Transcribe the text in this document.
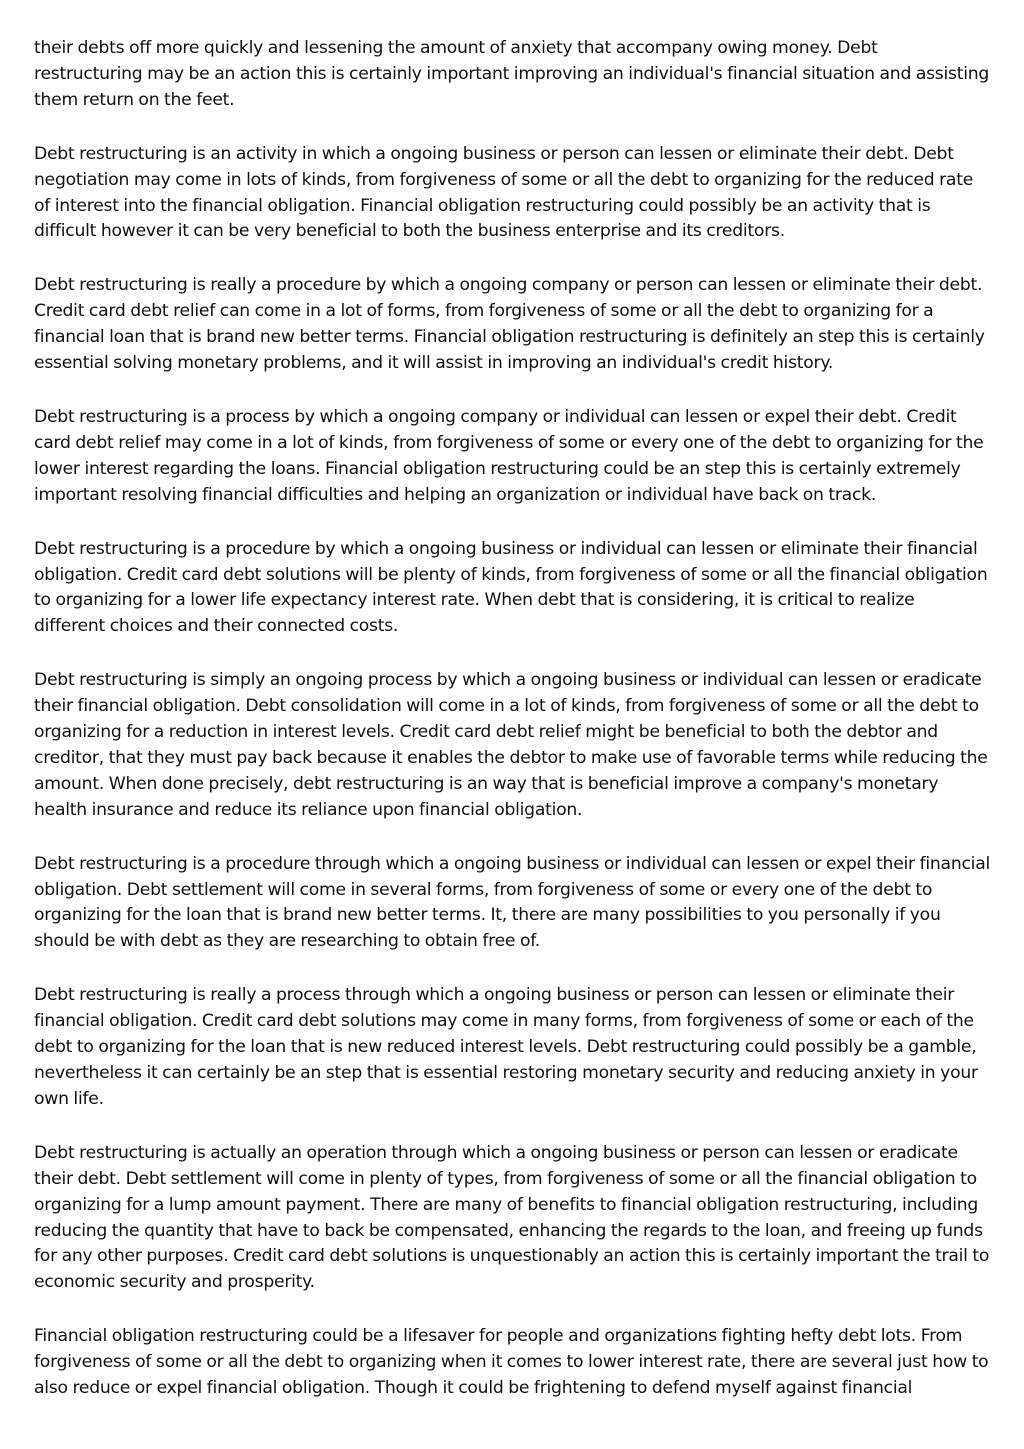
their debts off more quickly and lessening the amount of anxiety that accompany owing money. Debt restructuring may be an action this is certainly important improving an individual's financial situation and assisting them return on the feet.

Debt restructuring is an activity in which a ongoing business or person can lessen or eliminate their debt. Debt negotiation may come in lots of kinds, from forgiveness of some or all the debt to organizing for the reduced rate of interest into the financial obligation. Financial obligation restructuring could possibly be an activity that is difficult however it can be very beneficial to both the business enterprise and its creditors.

Debt restructuring is really a procedure by which a ongoing company or person can lessen or eliminate their debt. Credit card debt relief can come in a lot of forms, from forgiveness of some or all the debt to organizing for a financial loan that is brand new better terms. Financial obligation restructuring is definitely an step this is certainly essential solving monetary problems, and it will assist in improving an individual's credit history.

Debt restructuring is a process by which a ongoing company or individual can lessen or expel their debt. Credit card debt relief may come in a lot of kinds, from forgiveness of some or every one of the debt to organizing for the lower interest regarding the loans. Financial obligation restructuring could be an step this is certainly extremely important resolving financial difficulties and helping an organization or individual have back on track.

Debt restructuring is a procedure by which a ongoing business or individual can lessen or eliminate their financial obligation. Credit card debt solutions will be plenty of kinds, from forgiveness of some or all the financial obligation to organizing for a lower life expectancy interest rate. When debt that is considering, it is critical to realize different choices and their connected costs.

Debt restructuring is simply an ongoing process by which a ongoing business or individual can lessen or eradicate their financial obligation. Debt consolidation will come in a lot of kinds, from forgiveness of some or all the debt to organizing for a reduction in interest levels. Credit card debt relief might be beneficial to both the debtor and creditor, that they must pay back because it enables the debtor to make use of favorable terms while reducing the amount. When done precisely, debt restructuring is an way that is beneficial improve a company's monetary health insurance and reduce its reliance upon financial obligation.

Debt restructuring is a procedure through which a ongoing business or individual can lessen or expel their financial obligation. Debt settlement will come in several forms, from forgiveness of some or every one of the debt to organizing for the loan that is brand new better terms. It, there are many possibilities to you personally if you should be with debt as they are researching to obtain free of.

Debt restructuring is really a process through which a ongoing business or person can lessen or eliminate their financial obligation. Credit card debt solutions may come in many forms, from forgiveness of some or each of the debt to organizing for the loan that is new reduced interest levels. Debt restructuring could possibly be a gamble, nevertheless it can certainly be an step that is essential restoring monetary security and reducing anxiety in your own life.

Debt restructuring is actually an operation through which a ongoing business or person can lessen or eradicate their debt. Debt settlement will come in plenty of types, from forgiveness of some or all the financial obligation to organizing for a lump amount payment. There are many of benefits to financial obligation restructuring, including reducing the quantity that have to back be compensated, enhancing the regards to the loan, and freeing up funds for any other purposes. Credit card debt solutions is unquestionably an action this is certainly important the trail to economic security and prosperity.

Financial obligation restructuring could be a lifesaver for people and organizations fighting hefty debt lots. From forgiveness of some or all the debt to organizing when it comes to lower interest rate, there are several just how to also reduce or expel financial obligation. Though it could be frightening to defend myself against financial
